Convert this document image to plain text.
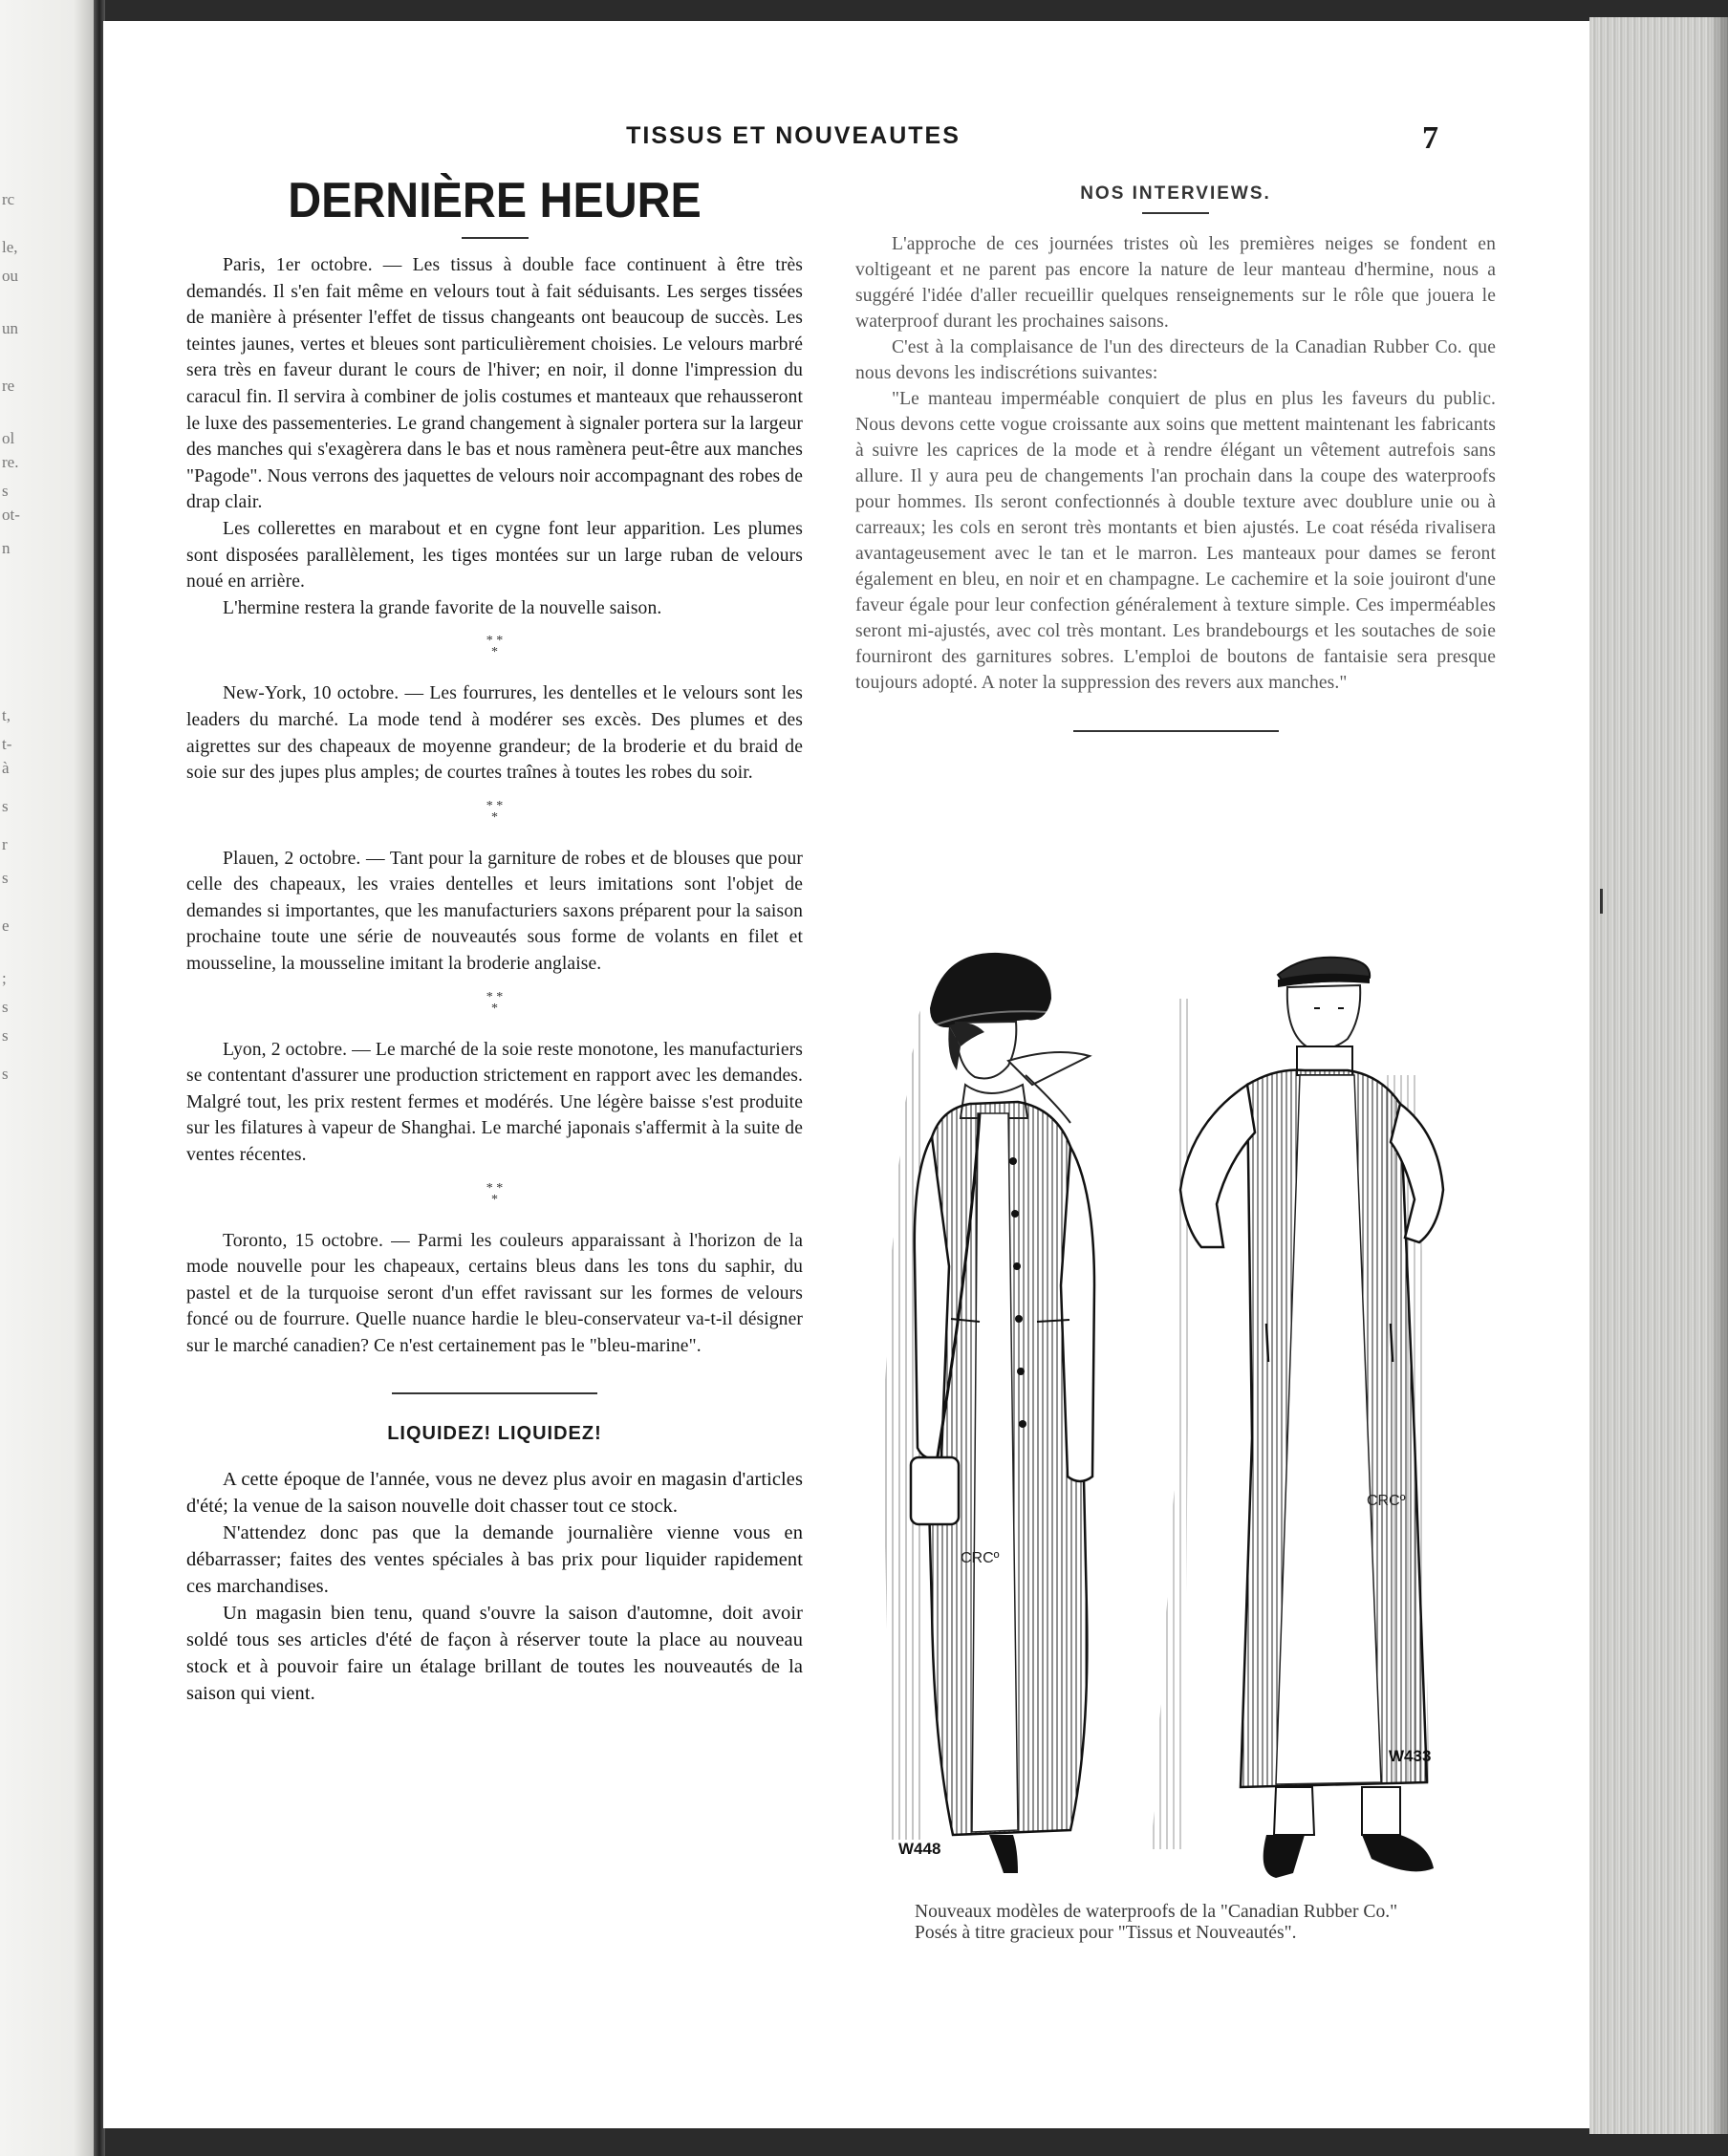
rc
le,
ou
un
re
ol
re.
s
ot-
n
t,
t-
à
s
r
s
e
;
s
s
s
TISSUS ET NOUVEAUTES	7
DERNIÈRE HEURE

Paris, 1er octobre. — Les tissus à double face continuent à être très demandés. Il s'en fait même en velours tout à fait séduisants. Les serges tissées de manière à présenter l'effet de tissus changeants ont beaucoup de succès. Les teintes jaunes, vertes et bleues sont particulièrement choisies. Le velours marbré sera très en faveur durant le cours de l'hiver; en noir, il donne l'impression du caracul fin. Il servira à combiner de jolis costumes et manteaux que rehausseront le luxe des passementeries. Le grand changement à signaler portera sur la largeur des manches qui s'exagèrera dans le bas et nous ramènera peut-être aux manches "Pagode". Nous verrons des jaquettes de velours noir accompagnant des robes de drap clair.

Les collerettes en marabout et en cygne font leur apparition. Les plumes sont disposées parallèlement, les tiges montées sur un large ruban de velours noué en arrière.

L'hermine restera la grande favorite de la nouvelle saison.

* *
*

New-York, 10 octobre. — Les fourrures, les dentelles et le velours sont les leaders du marché. La mode tend à modérer ses excès. Des plumes et des aigrettes sur des chapeaux de moyenne grandeur; de la broderie et du braid de soie sur des jupes plus amples; de courtes traînes à toutes les robes du soir.

* *
*

Plauen, 2 octobre. — Tant pour la garniture de robes et de blouses que pour celle des chapeaux, les vraies dentelles et leurs imitations sont l'objet de demandes si importantes, que les manufacturiers saxons préparent pour la saison prochaine toute une série de nouveautés sous forme de volants en filet et mousseline, la mousseline imitant la broderie anglaise.

* *
*

Lyon, 2 octobre. — Le marché de la soie reste monotone, les manufacturiers se contentant d'assurer une production strictement en rapport avec les demandes. Malgré tout, les prix restent fermes et modérés. Une légère baisse s'est produite sur les filatures à vapeur de Shanghai. Le marché japonais s'affermit à la suite de ventes récentes.

* *
*

Toronto, 15 octobre. — Parmi les couleurs apparaissant à l'horizon de la mode nouvelle pour les chapeaux, certains bleus dans les tons du saphir, du pastel et de la turquoise seront d'un effet ravissant sur les formes de velours foncé ou de fourrure. Quelle nuance hardie le bleu-conservateur va-t-il désigner sur le marché canadien? Ce n'est certainement pas le "bleu-marine".

LIQUIDEZ! LIQUIDEZ!

A cette époque de l'année, vous ne devez plus avoir en magasin d'articles d'été; la venue de la saison nouvelle doit chasser tout ce stock.

N'attendez donc pas que la demande journalière vienne vous en débarrasser; faites des ventes spéciales à bas prix pour liquider rapidement ces marchandises.

Un magasin bien tenu, quand s'ouvre la saison d'automne, doit avoir soldé tous ses articles d'été de façon à réserver toute la place au nouveau stock et à pouvoir faire un étalage brillant de toutes les nouveautés de la saison qui vient.

NOS INTERVIEWS.

L'approche de ces journées tristes où les premières neiges se fondent en voltigeant et ne parent pas encore la nature de leur manteau d'hermine, nous a suggéré l'idée d'aller recueillir quelques renseignements sur le rôle que jouera le waterproof durant les prochaines saisons.

C'est à la complaisance de l'un des directeurs de la Canadian Rubber Co. que nous devons les indiscrétions suivantes:

"Le manteau imperméable conquiert de plus en plus les faveurs du public. Nous devons cette vogue croissante aux soins que mettent maintenant les fabricants à suivre les caprices de la mode et à rendre élégant un vêtement autrefois sans allure. Il y aura peu de changements l'an prochain dans la coupe des waterproofs pour hommes. Ils seront confectionnés à double texture avec doublure unie ou à carreaux; les cols en seront très montants et bien ajustés. Le coat réséda rivalisera avantageusement avec le tan et le marron. Les manteaux pour dames se feront également en bleu, en noir et en champagne. Le cachemire et la soie jouiront d'une faveur égale pour leur confection généralement à texture simple. Ces imperméables seront mi-ajustés, avec col très montant. Les brandebourgs et les soutaches de soie fourniront des garnitures sobres. L'emploi de boutons de fantaisie sera presque toujours adopté. A noter la suppression des revers aux manches."

CRCº
W448
CRCº
W433

Nouveaux modèles de waterproofs de la "Canadian Rubber Co."

Posés à titre gracieux pour "Tissus et Nouveautés".
